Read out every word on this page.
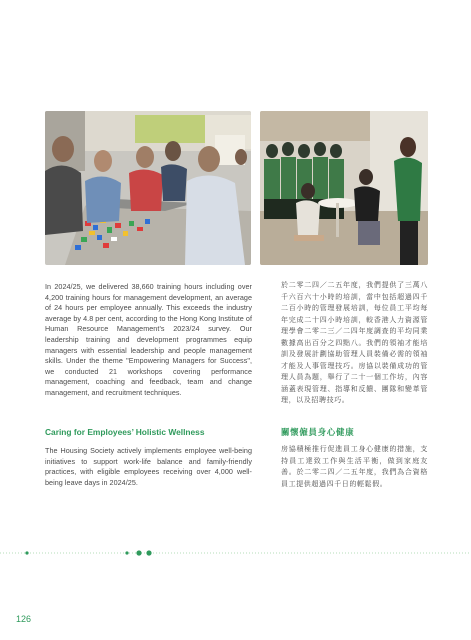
In 2024/25, we delivered 38,660 training hours including over 4,200 training hours for management development, an average of 24 hours per employee annually. This exceeds the industry average by 4.8 per cent, according to the Hong Kong Institute of Human Resource Management’s 2023/24 survey. Our leadership training and development programmes equip managers with essential leadership and people management skills. Under the theme "Empowering Managers for Success", we conducted 21 workshops covering performance management, coaching and feedback, team and change management, and recruitment techniques.

於二零二四／二五年度，我們提供了三萬八千六百六十小時的培訓，當中包括超過四千二百小時的管理發展培訓，每位員工平均每年完成二十四小時培訓，較香港人力資源管理學會二零二三／二四年度調查的平均同業數據高出百分之四點八。我們的領袖才能培訓及發展計劃協助管理人員裝備必需的領袖才能及人事管理技巧。房協以裝備成功的管理人員為題，舉行了二十一個工作坊，內容涵蓋表現管理、指導和反饋、團隊和變革管理，以及招聘技巧。

Caring for Employees’ Holistic Wellness	關懷僱員身心健康

The Housing Society actively implements employee well-being initiatives to support work-life balance and family-friendly practices, with eligible employees receiving over 4,000 well-being leave days in 2024/25.

房協積極推行促進員工身心健康的措施，支持員工達致工作與生活平衡，做到家庭友善。於二零二四／二五年度，我們為合資格員工提供超過四千日的輕鬆假。

126
